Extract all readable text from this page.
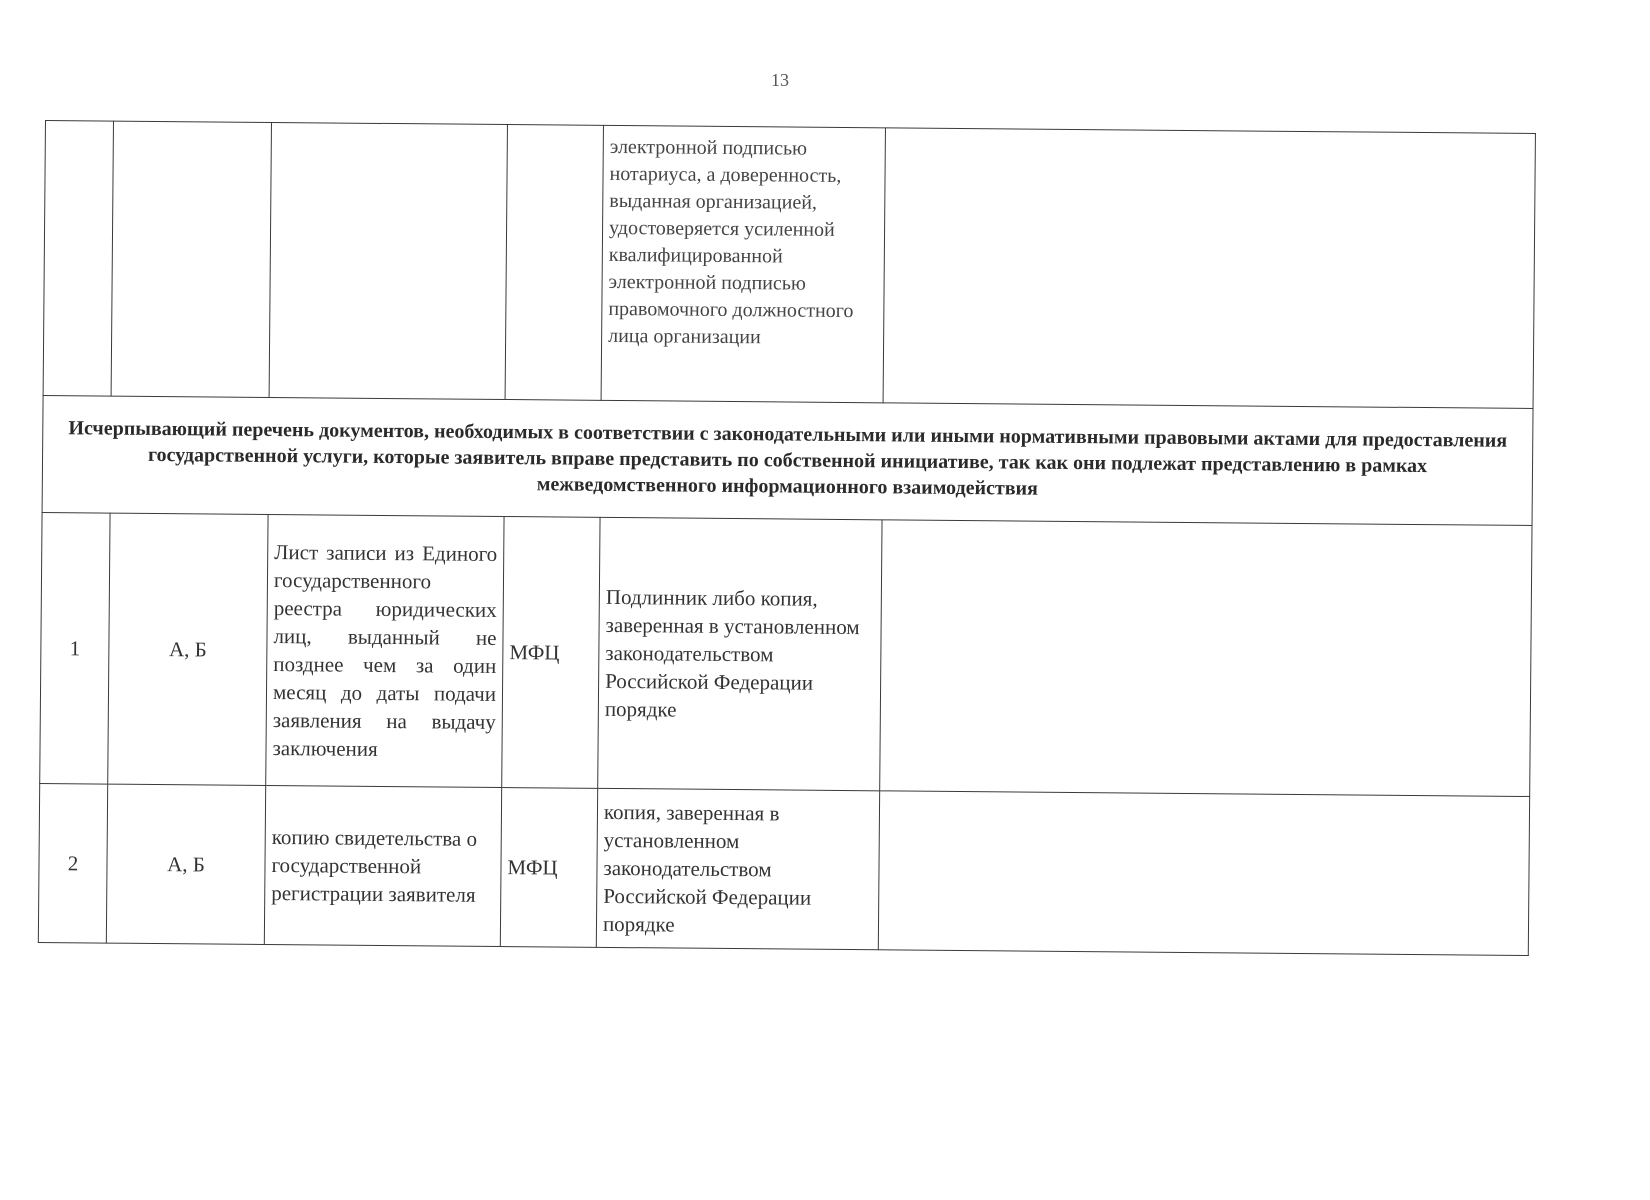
13
				электронной подписью нотариуса, а доверенность, выданная организацией, удостоверяется усиленной квалифицированной электронной подписью правомочного должностного лица организации	
Исчерпывающий перечень документов, необходимых в соответствии с законодательными или иными нормативными правовыми актами для предоставления государственной услуги, которые заявитель вправе представить по собственной инициативе, так как они подлежат представлению в рамках межведомственного информационного взаимодействия					
1	А, Б	Лист записи из Единого государственного реестра юридических лиц, выданный не позднее чем за один месяц до даты подачи заявления на выдачу заключения	МФЦ	Подлинник либо копия, заверенная в установленном законодательством Российской Федерации порядке	
2	А, Б	копию свидетельства о государственной регистрации заявителя	МФЦ	копия, заверенная в установленном законодательством Российской Федерации порядке	
